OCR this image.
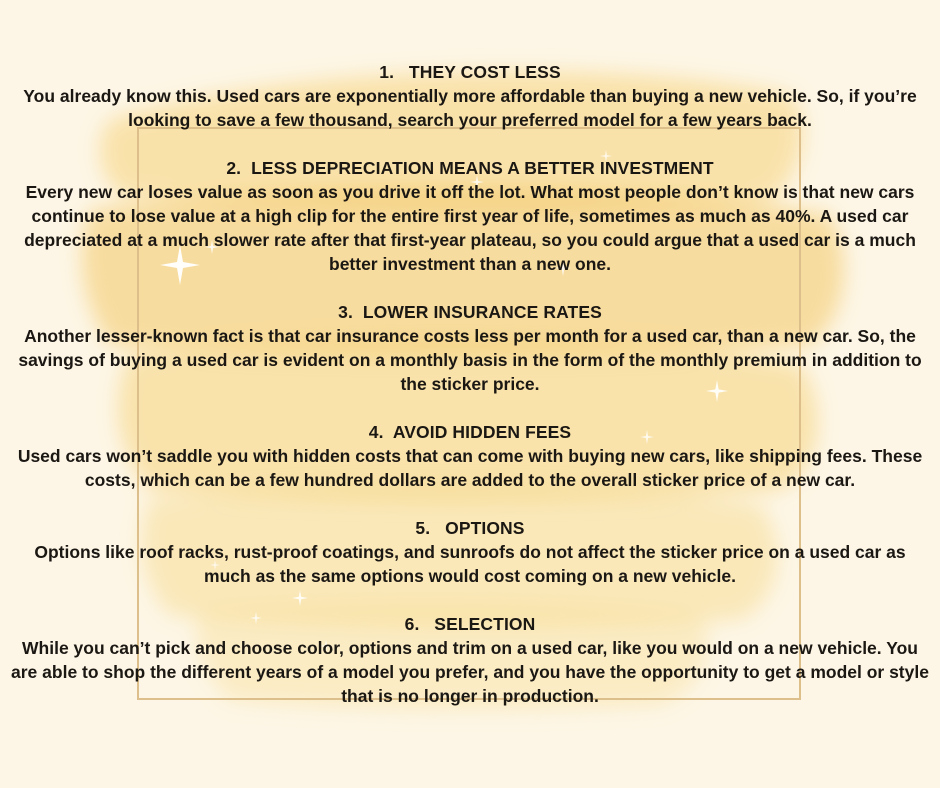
1.   THEY COST LESS

You already know this. Used cars are exponentially more affordable than buying a new vehicle. So, if you’re looking to save a few thousand, search your preferred model for a few years back.

2.  LESS DEPRECIATION MEANS A BETTER INVESTMENT

Every new car loses value as soon as you drive it off the lot. What most people don’t know is that new cars continue to lose value at a high clip for the entire first year of life, sometimes as much as 40%. A used car depreciated at a much slower rate after that first-year plateau, so you could argue that a used car is a much better investment than a new one.

3.  LOWER INSURANCE RATES

Another lesser-known fact is that car insurance costs less per month for a used car, than a new car. So, the savings of buying a used car is evident on a monthly basis in the form of the monthly premium in addition to the sticker price.

4.  AVOID HIDDEN FEES

Used cars won’t saddle you with hidden costs that can come with buying new cars, like shipping fees. These costs, which can be a few hundred dollars are added to the overall sticker price of a new car.

5.   OPTIONS

Options like roof racks, rust-proof coatings, and sunroofs do not affect the sticker price on a used car as much as the same options would cost coming on a new vehicle.

6.   SELECTION

While you can’t pick and choose color, options and trim on a used car, like you would on a new vehicle. You are able to shop the different years of a model you prefer, and you have the opportunity to get a model or style that is no longer in production.
